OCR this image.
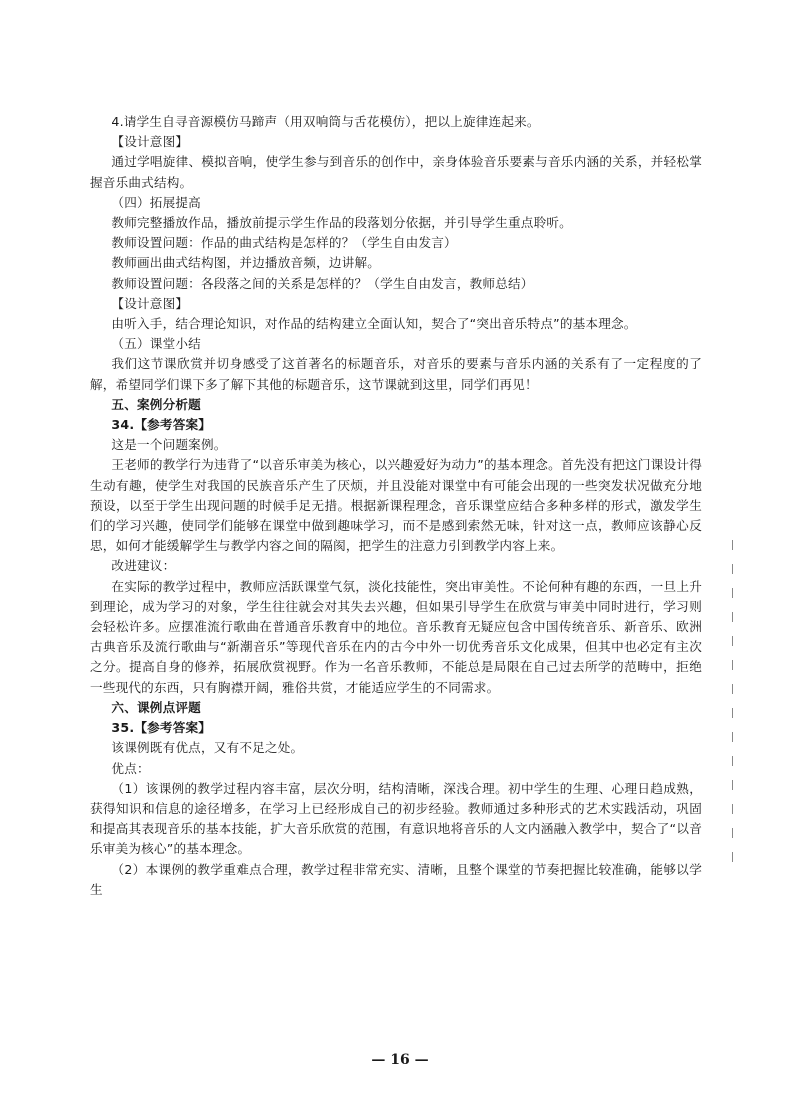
4.请学生自寻音源模仿马蹄声（用双响筒与舌花模仿），把以上旋律连起来。

【设计意图】

通过学唱旋律、模拟音响，使学生参与到音乐的创作中，亲身体验音乐要素与音乐内涵的关系，并轻松掌握音乐曲式结构。

（四）拓展提高

教师完整播放作品，播放前提示学生作品的段落划分依据，并引导学生重点聆听。

教师设置问题：作品的曲式结构是怎样的？（学生自由发言）

教师画出曲式结构图，并边播放音频，边讲解。

教师设置问题：各段落之间的关系是怎样的？（学生自由发言，教师总结）

【设计意图】

由听入手，结合理论知识，对作品的结构建立全面认知，契合了“突出音乐特点”的基本理念。

（五）课堂小结

我们这节课欣赏并切身感受了这首著名的标题音乐，对音乐的要素与音乐内涵的关系有了一定程度的了解，希望同学们课下多了解下其他的标题音乐，这节课就到这里，同学们再见！

五、案例分析题

34.【参考答案】

这是一个问题案例。

王老师的教学行为违背了“以音乐审美为核心，以兴趣爱好为动力”的基本理念。首先没有把这门课设计得生动有趣，使学生对我国的民族音乐产生了厌烦，并且没能对课堂中有可能会出现的一些突发状况做充分地预设，以至于学生出现问题的时候手足无措。根据新课程理念，音乐课堂应结合多种多样的形式，激发学生们的学习兴趣，使同学们能够在课堂中做到趣味学习，而不是感到索然无味，针对这一点，教师应该静心反思，如何才能缓解学生与教学内容之间的隔阂，把学生的注意力引到教学内容上来。

改进建议：

在实际的教学过程中，教师应活跃课堂气氛，淡化技能性，突出审美性。不论何种有趣的东西，一旦上升到理论，成为学习的对象，学生往往就会对其失去兴趣，但如果引导学生在欣赏与审美中同时进行，学习则会轻松许多。应摆准流行歌曲在普通音乐教育中的地位。音乐教育无疑应包含中国传统音乐、新音乐、欧洲古典音乐及流行歌曲与“新潮音乐”等现代音乐在内的古今中外一切优秀音乐文化成果，但其中也必定有主次之分。提高自身的修养，拓展欣赏视野。作为一名音乐教师，不能总是局限在自己过去所学的范畴中，拒绝一些现代的东西，只有胸襟开阔，雅俗共赏，才能适应学生的不同需求。

六、课例点评题

35.【参考答案】

该课例既有优点，又有不足之处。

优点：

（1）该课例的教学过程内容丰富，层次分明，结构清晰，深浅合理。初中学生的生理、心理日趋成熟，获得知识和信息的途径增多，在学习上已经形成自己的初步经验。教师通过多种形式的艺术实践活动，巩固和提高其表现音乐的基本技能，扩大音乐欣赏的范围，有意识地将音乐的人文内涵融入教学中，契合了“以音乐审美为核心”的基本理念。

（2）本课例的教学重难点合理，教学过程非常充实、清晰，且整个课堂的节奏把握比较准确，能够以学生

— 16 —
